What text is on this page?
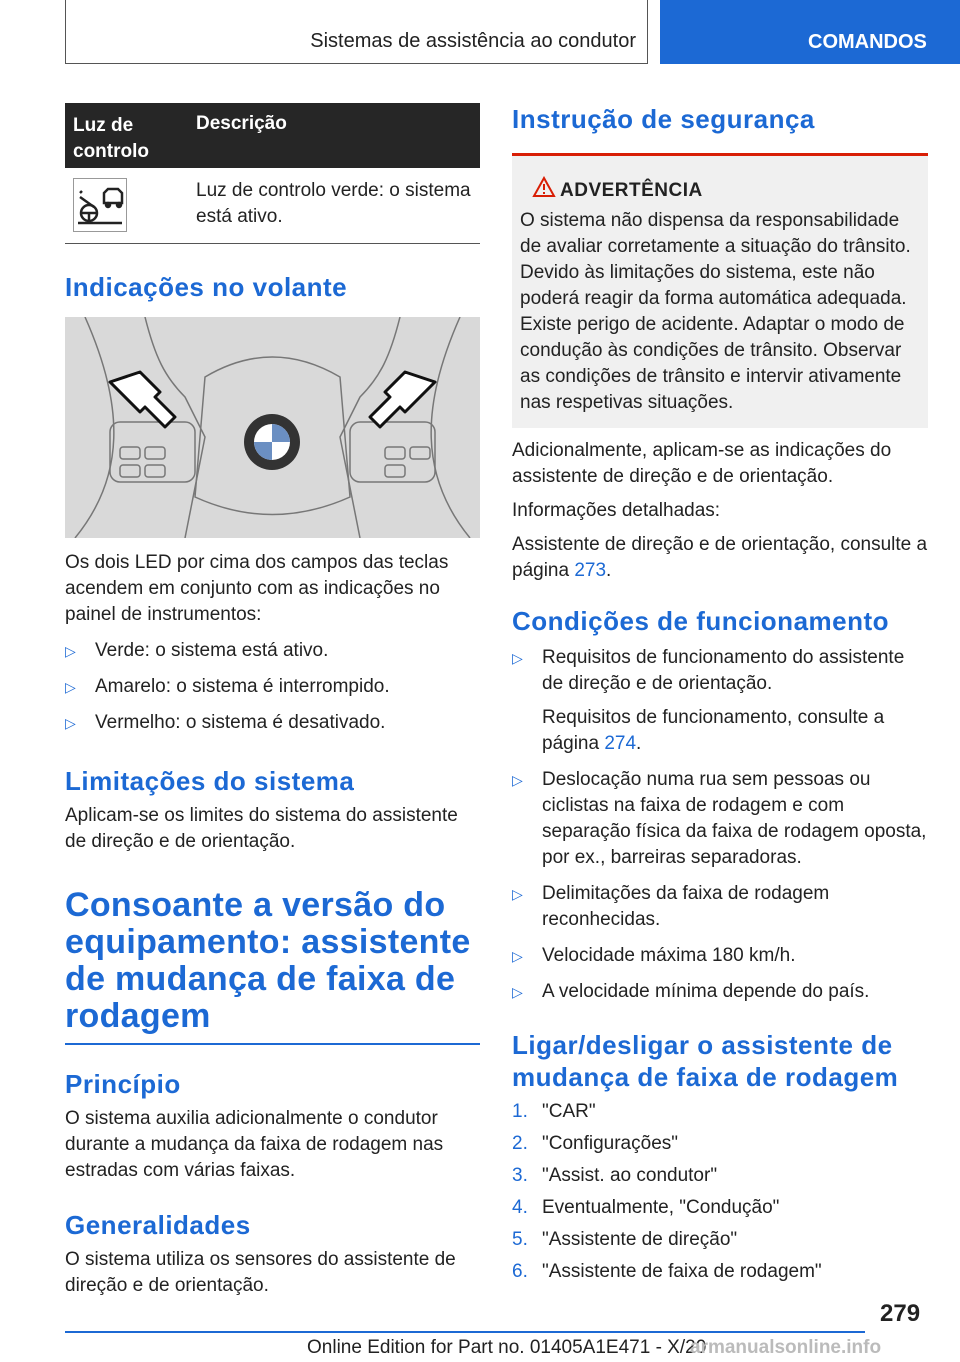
Sistemas de assistência ao condutor	COMANDOS
Luz de controlo
Descrição
Luz de controlo verde: o sistema está ativo.
Indicações no volante

Os dois LED por cima dos campos das teclas acendem em conjunto com as indicações no painel de instrumentos:

▷ Verde: o sistema está ativo.
▷ Amarelo: o sistema é interrompido.
▷ Vermelho: o sistema é desativado.
Limitações do sistema

Aplicam-se os limites do sistema do assistente de direção e de orientação.

Consoante a versão do equipamento: assistente de mudança de faixa de rodagem
Princípio

O sistema auxilia adicionalmente o condutor durante a mudança da faixa de rodagem nas estradas com várias faixas.

Generalidades

O sistema utiliza os sensores do assistente de direção e de orientação.

Instrução de segurança
ADVERTÊNCIA

O sistema não dispensa da responsabilidade de avaliar corretamente a situação do trânsito. Devido às limitações do sistema, este não poderá reagir da forma automática adequada. Existe perigo de acidente. Adaptar o modo de condução às condições de trânsito. Observar as condições de trânsito e intervir ativamente nas respetivas situações.

Adicionalmente, aplicam-se as indicações do assistente de direção e de orientação.

Informações detalhadas:

Assistente de direção e de orientação, consulte a página 273.

Condições de funcionamento
▷ Requisitos de funcionamento do assistente de direção e de orientação.
Requisitos de funcionamento, consulte a página 274.
▷ Deslocação numa rua sem pessoas ou ciclistas na faixa de rodagem e com separação física da faixa de rodagem oposta, por ex., barreiras separadoras.
▷ Delimitações da faixa de rodagem reconhecidas.
▷ Velocidade máxima 180 km/h.
▷ A velocidade mínima depende do país.
Ligar/desligar o assistente de mudança de faixa de rodagem
1. "CAR"
2. "Configurações"
3. "Assist. ao condutor"
4. Eventualmente, "Condução"
5. "Assistente de direção"
6. "Assistente de faixa de rodagem"
279
Online Edition for Part no. 01405A1E471 - X/20
armanualsonline.info
